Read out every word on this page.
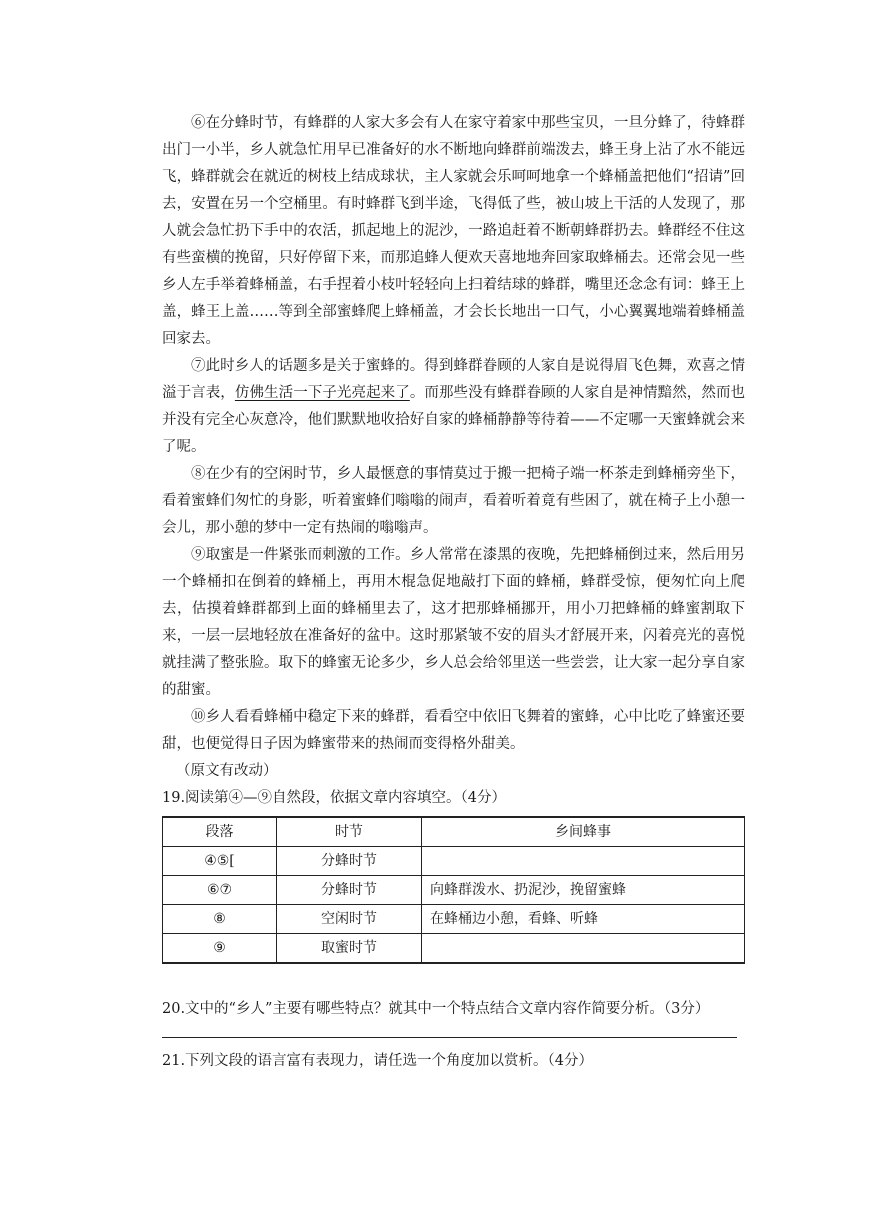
⑥在分蜂时节，有蜂群的人家大多会有人在家守着家中那些宝贝，一旦分蜂了，待蜂群出门一小半，乡人就急忙用早已准备好的水不断地向蜂群前端泼去，蜂王身上沾了水不能远飞，蜂群就会在就近的树枝上结成球状，主人家就会乐呵呵地拿一个蜂桶盖把他们“招请”回去，安置在另一个空桶里。有时蜂群飞到半途，飞得低了些，被山坡上干活的人发现了，那人就会急忙扔下手中的农活，抓起地上的泥沙，一路追赶着不断朝蜂群扔去。蜂群经不住这有些蛮横的挽留，只好停留下来，而那追蜂人便欢天喜地地奔回家取蜂桶去。还常会见一些乡人左手举着蜂桶盖，右手捏着小枝叶轻轻向上扫着结球的蜂群，嘴里还念念有词：蜂王上盖，蜂王上盖……等到全部蜜蜂爬上蜂桶盖，才会长长地出一口气，小心翼翼地端着蜂桶盖回家去。

⑦此时乡人的话题多是关于蜜蜂的。得到蜂群眷顾的人家自是说得眉飞色舞，欢喜之情溢于言表，仿佛生活一下子光亮起来了。而那些没有蜂群眷顾的人家自是神情黯然，然而也并没有完全心灰意冷，他们默默地收拾好自家的蜂桶静静等待着——不定哪一天蜜蜂就会来了呢。

⑧在少有的空闲时节，乡人最惬意的事情莫过于搬一把椅子端一杯茶走到蜂桶旁坐下，看着蜜蜂们匆忙的身影，听着蜜蜂们嗡嗡的闹声，看着听着竟有些困了，就在椅子上小憩一会儿，那小憩的梦中一定有热闹的嗡嗡声。

⑨取蜜是一件紧张而刺激的工作。乡人常常在漆黑的夜晚，先把蜂桶倒过来，然后用另一个蜂桶扣在倒着的蜂桶上，再用木棍急促地敲打下面的蜂桶，蜂群受惊，便匆忙向上爬去，估摸着蜂群都到上面的蜂桶里去了，这才把那蜂桶挪开，用小刀把蜂桶的蜂蜜割取下来，一层一层地轻放在准备好的盆中。这时那紧皱不安的眉头才舒展开来，闪着亮光的喜悦就挂满了整张脸。取下的蜂蜜无论多少，乡人总会给邻里送一些尝尝，让大家一起分享自家的甜蜜。

⑩乡人看看蜂桶中稳定下来的蜂群，看看空中依旧飞舞着的蜜蜂，心中比吃了蜂蜜还要甜，也便觉得日子因为蜂蜜带来的热闹而变得格外甜美。

（原文有改动）

19.阅读第④—⑨自然段，依据文章内容填空。（4分）

段落	时节	乡间蜂事
④⑤[	分蜂时节	
⑥⑦	分蜂时节	向蜂群泼水、扔泥沙，挽留蜜蜂
⑧	空闲时节	在蜂桶边小憩，看蜂、听蜂
⑨	取蜜时节	

20.文中的“乡人”主要有哪些特点？就其中一个特点结合文章内容作简要分析。（3分）

21.下列文段的语言富有表现力，请任选一个角度加以赏析。（4分）
